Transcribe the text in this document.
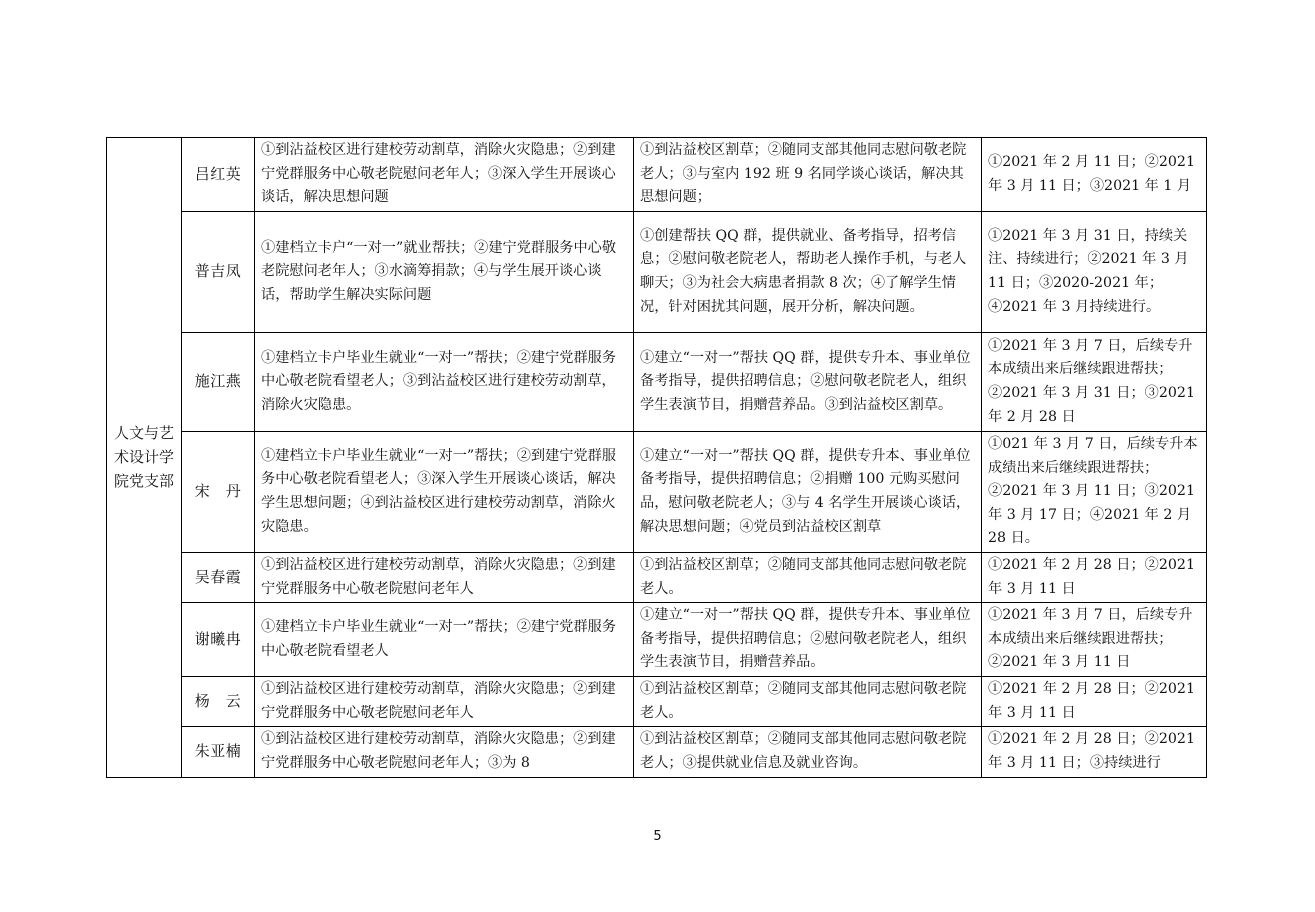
人文与艺术设计学院党支部	吕红英	①到沾益校区进行建校劳动割草，消除火灾隐患；②到建宁党群服务中心敬老院慰问老年人；③深入学生开展谈心谈话，解决思想问题	①到沾益校区割草；②随同支部其他同志慰问敬老院老人；③与室内 192 班 9 名同学谈心谈话，解决其思想问题；	①2021 年 2 月 11 日；②2021 年 3 月 11 日；③2021 年 1 月
	普吉凤	①建档立卡户“一对一”就业帮扶；②建宁党群服务中心敬老院慰问老年人；③水滴筹捐款；④与学生展开谈心谈话，帮助学生解决实际问题	①创建帮扶 QQ 群，提供就业、备考指导，招考信息；②慰问敬老院老人，帮助老人操作手机，与老人聊天；③为社会大病患者捐款 8 次；④了解学生情况，针对困扰其问题，展开分析，解决问题。	①2021 年 3 月 31 日，持续关注、持续进行；②2021 年 3 月 11 日；③2020-2021 年；④2021 年 3 月持续进行。
	施江燕	①建档立卡户毕业生就业“一对一”帮扶；②建宁党群服务中心敬老院看望老人；③到沾益校区进行建校劳动割草，消除火灾隐患。	①建立“一对一”帮扶 QQ 群，提供专升本、事业单位备考指导，提供招聘信息；②慰问敬老院老人，组织学生表演节目，捐赠营养品。③到沾益校区割草。	①2021 年 3 月 7 日，后续专升本成绩出来后继续跟进帮扶；②2021 年 3 月 31 日；③2021 年 2 月 28 日
	宋　丹	①建档立卡户毕业生就业“一对一”帮扶；②到建宁党群服务中心敬老院看望老人；③深入学生开展谈心谈话，解决学生思想问题；④到沾益校区进行建校劳动割草，消除火灾隐患。	①建立“一对一”帮扶 QQ 群，提供专升本、事业单位备考指导，提供招聘信息；②捐赠 100 元购买慰问品，慰问敬老院老人；③与 4 名学生开展谈心谈话，解决思想问题；④党员到沾益校区割草	①021 年 3 月 7 日，后续专升本成绩出来后继续跟进帮扶；②2021 年 3 月 11 日；③2021 年 3 月 17 日；④2021 年 2 月 28 日。
	吴春霞	①到沾益校区进行建校劳动割草，消除火灾隐患；②到建宁党群服务中心敬老院慰问老年人	①到沾益校区割草；②随同支部其他同志慰问敬老院老人。	①2021 年 2 月 28 日；②2021 年 3 月 11 日
	谢曦冉	①建档立卡户毕业生就业“一对一”帮扶；②建宁党群服务中心敬老院看望老人	①建立“一对一”帮扶 QQ 群，提供专升本、事业单位备考指导，提供招聘信息；②慰问敬老院老人，组织学生表演节目，捐赠营养品。	①2021 年 3 月 7 日，后续专升本成绩出来后继续跟进帮扶；②2021 年 3 月 11 日
	杨　云	①到沾益校区进行建校劳动割草，消除火灾隐患；②到建宁党群服务中心敬老院慰问老年人	①到沾益校区割草；②随同支部其他同志慰问敬老院老人。	①2021 年 2 月 28 日；②2021 年 3 月 11 日
	朱亚楠	①到沾益校区进行建校劳动割草，消除火灾隐患；②到建宁党群服务中心敬老院慰问老年人；③为 8	①到沾益校区割草；②随同支部其他同志慰问敬老院老人；③提供就业信息及就业咨询。	①2021 年 2 月 28 日；②2021 年 3 月 11 日；③持续进行
5
